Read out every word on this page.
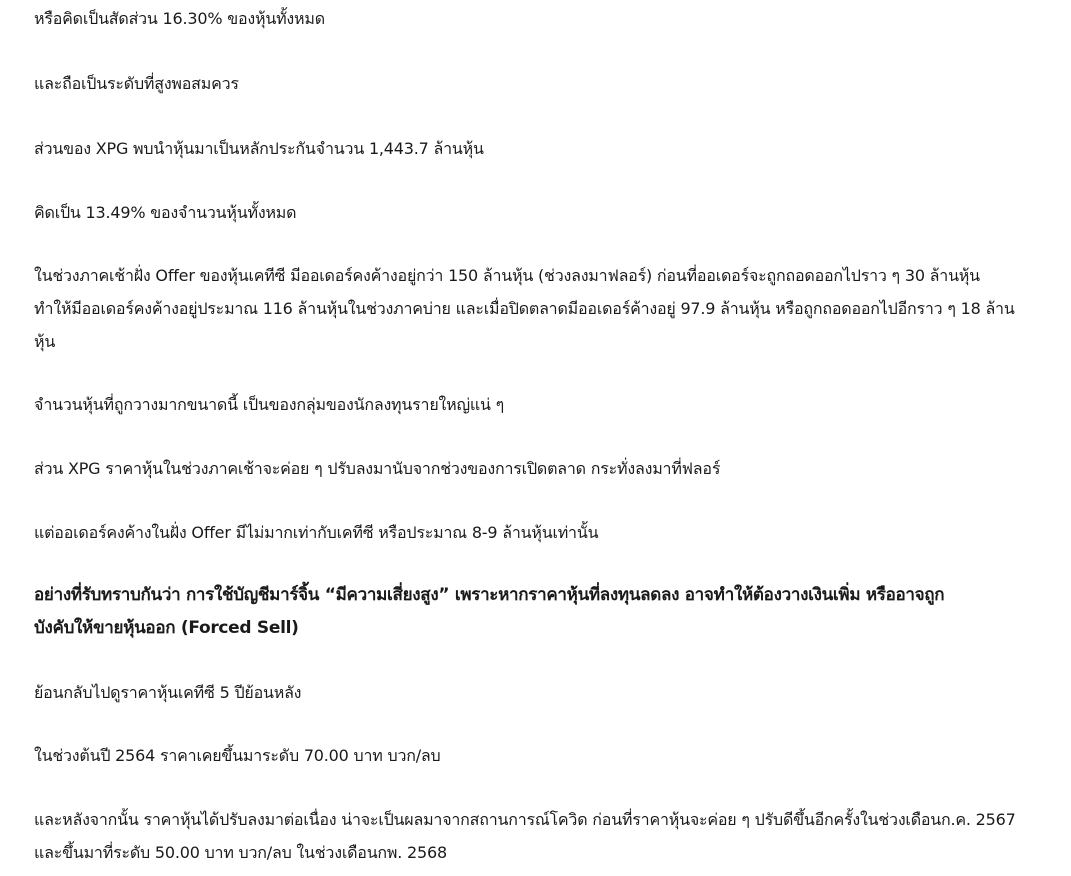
หรือคิดเป็นสัดส่วน 16.30% ของหุ้นทั้งหมด

และถือเป็นระดับที่สูงพอสมควร

ส่วนของ XPG พบนำหุ้นมาเป็นหลักประกันจำนวน 1,443.7 ล้านหุ้น

คิดเป็น 13.49% ของจำนวนหุ้นทั้งหมด

ในช่วงภาคเช้าฝั่ง Offer ของหุ้นเคทีซี มีออเดอร์คงค้างอยู่กว่า 150 ล้านหุ้น (ช่วงลงมาฟลอร์) ก่อนที่ออเดอร์จะถูกถอดออกไปราว ๆ 30 ล้านหุ้น ทำให้มีออเดอร์คงค้างอยู่ประมาณ 116 ล้านหุ้นในช่วงภาคบ่าย และเมื่อปิดตลาดมีออเดอร์ค้างอยู่ 97.9 ล้านหุ้น หรือถูกถอดออกไปอีกราว ๆ 18 ล้านหุ้น

จำนวนหุ้นที่ถูกวางมากขนาดนี้ เป็นของกลุ่มของนักลงทุนรายใหญ่แน่ ๆ

ส่วน XPG ราคาหุ้นในช่วงภาคเช้าจะค่อย ๆ ปรับลงมานับจากช่วงของการเปิดตลาด กระทั่งลงมาที่ฟลอร์

แต่ออเดอร์คงค้างในฝั่ง Offer มีไม่มากเท่ากับเคทีซี หรือประมาณ 8-9 ล้านหุ้นเท่านั้น

อย่างที่รับทราบกันว่า การใช้บัญชีมาร์จิ้น “มีความเสี่ยงสูง” เพราะหากราคาหุ้นที่ลงทุนลดลง อาจทำให้ต้องวางเงินเพิ่ม หรืออาจถูกบังคับให้ขายหุ้นออก (Forced Sell)

ย้อนกลับไปดูราคาหุ้นเคทีซี 5 ปีย้อนหลัง

ในช่วงต้นปี 2564 ราคาเคยขึ้นมาระดับ 70.00 บาท บวก/ลบ

และหลังจากนั้น ราคาหุ้นได้ปรับลงมาต่อเนื่อง น่าจะเป็นผลมาจากสถานการณ์โควิด ก่อนที่ราคาหุ้นจะค่อย ๆ ปรับดีขึ้นอีกครั้งในช่วงเดือนก.ค. 2567 และขึ้นมาที่ระดับ 50.00 บาท บวก/ลบ ในช่วงเดือนกพ. 2568
